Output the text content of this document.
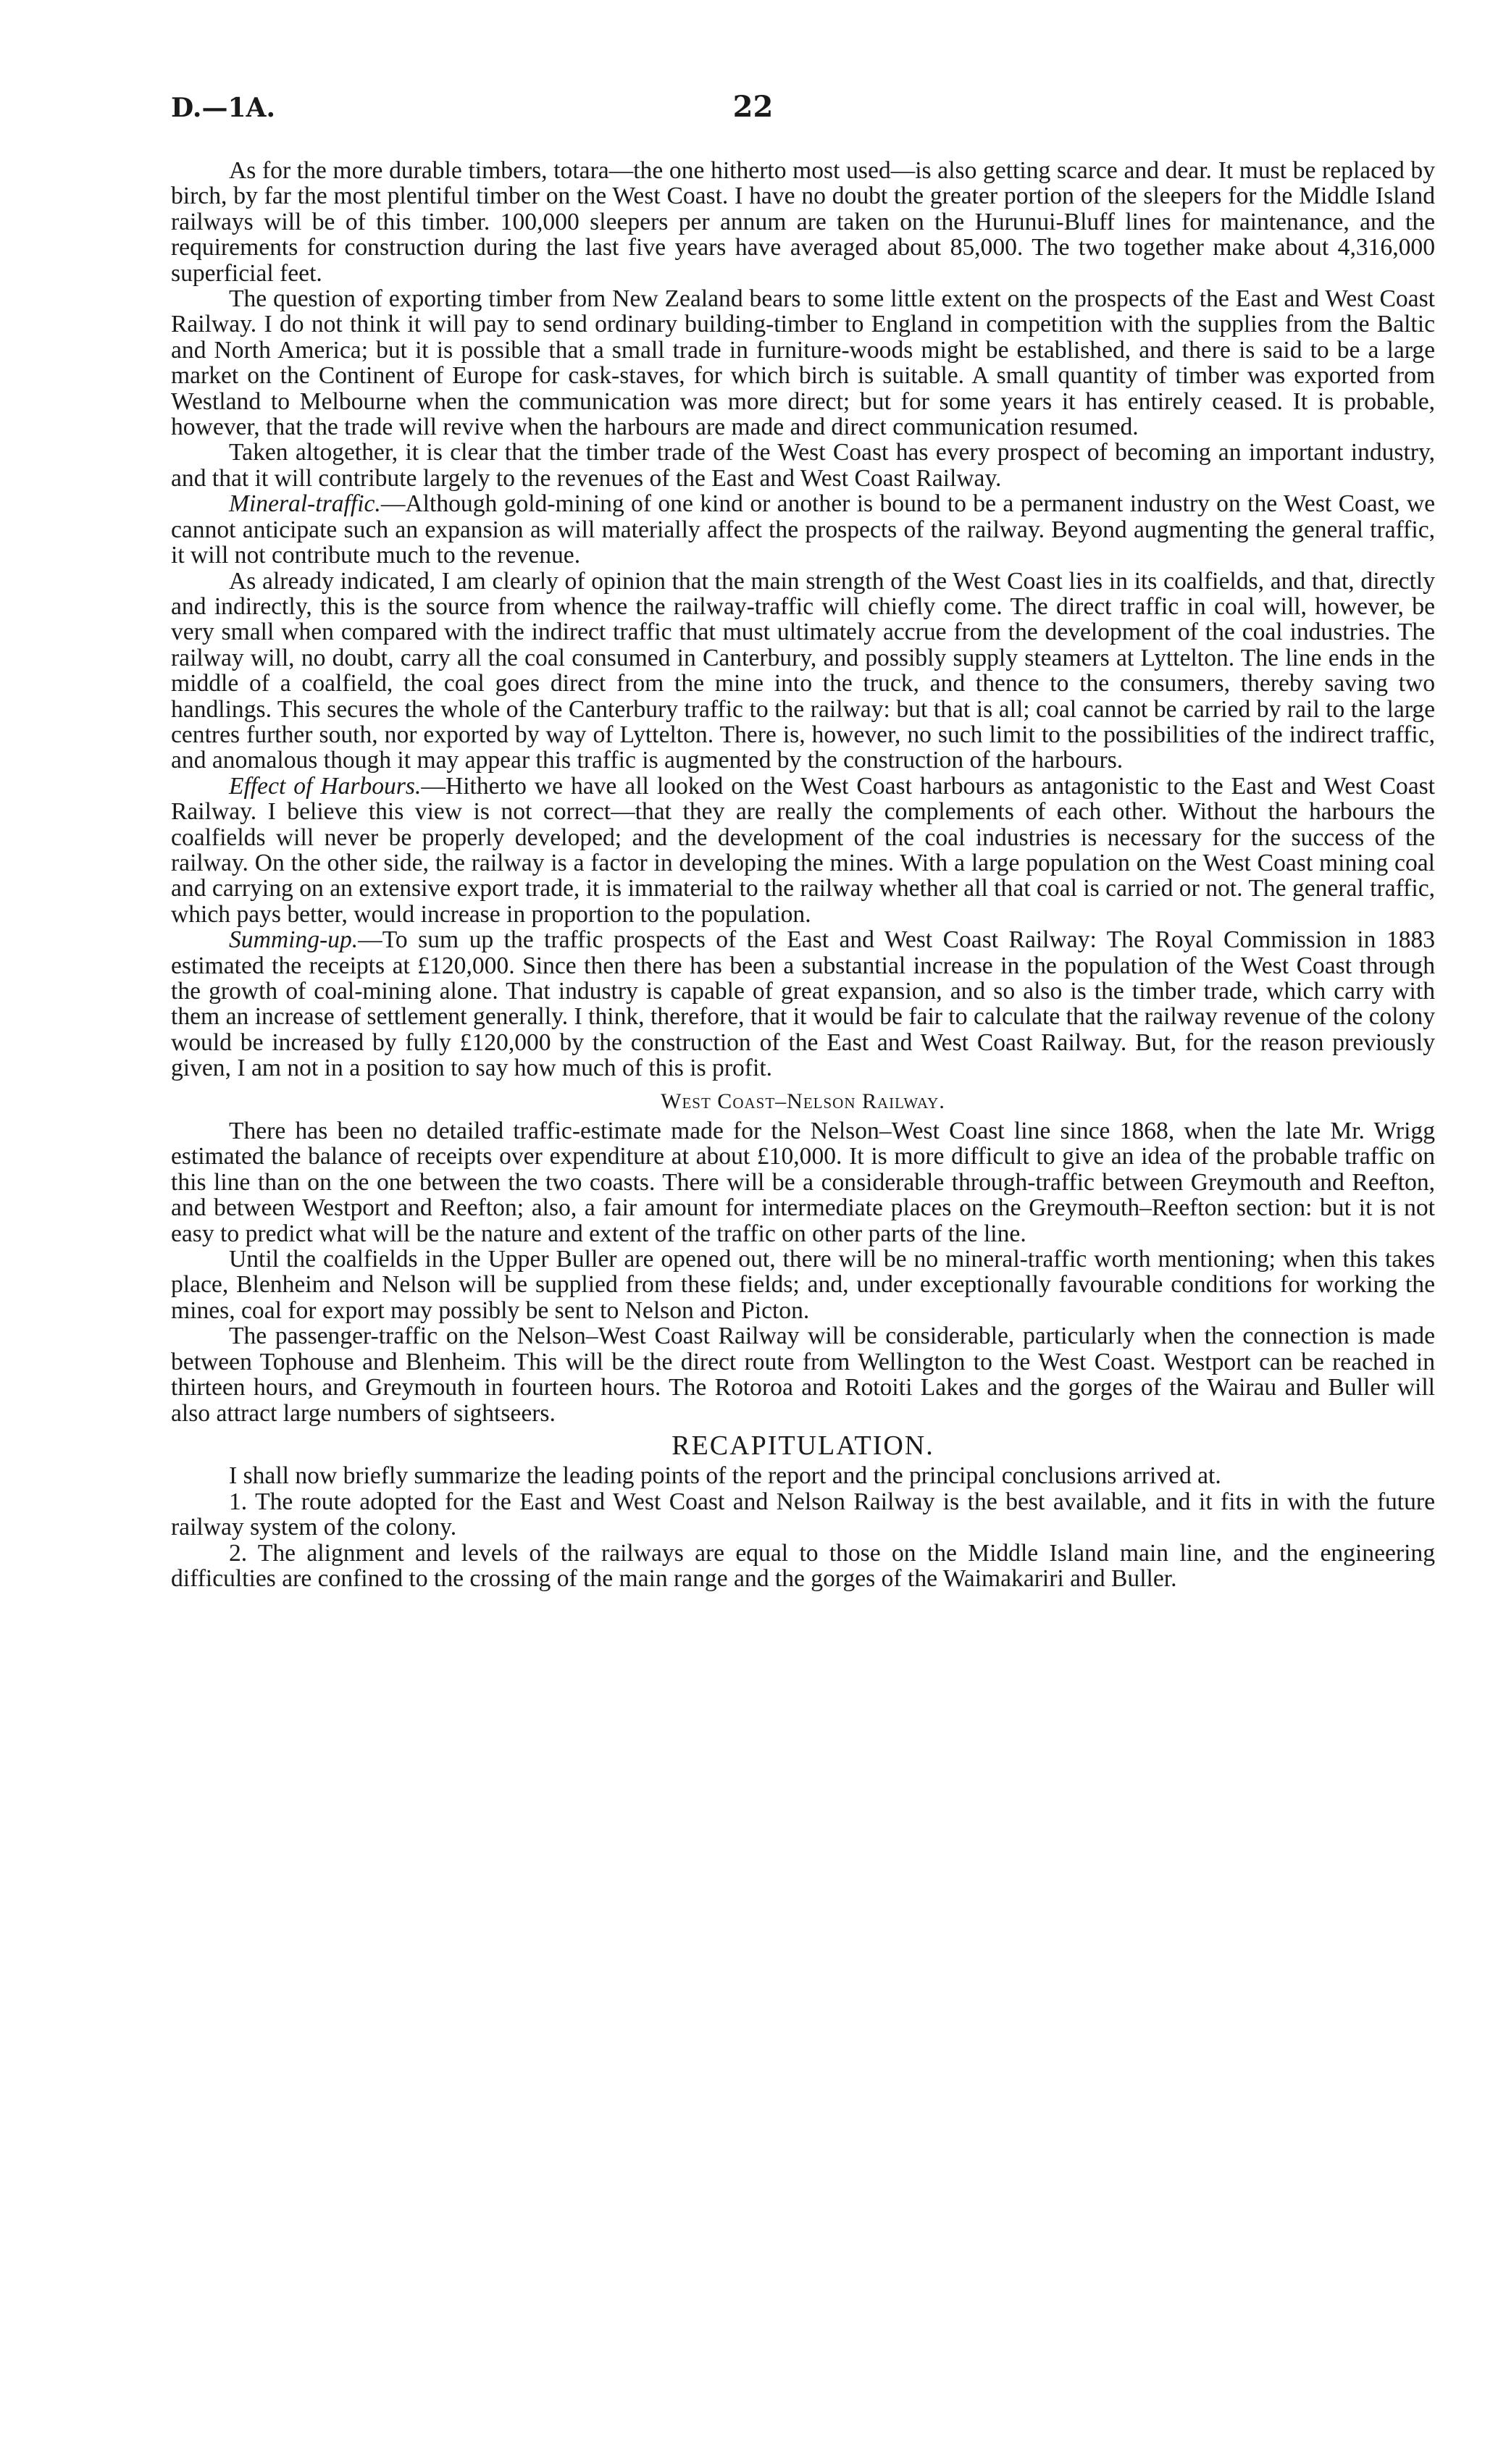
D.—1A.	22

As for the more durable timbers, totara—the one hitherto most used—is also getting scarce and dear. It must be replaced by birch, by far the most plentiful timber on the West Coast. I have no doubt the greater portion of the sleepers for the Middle Island railways will be of this timber. 100,000 sleepers per annum are taken on the Hurunui-Bluff lines for maintenance, and the requirements for construction during the last five years have averaged about 85,000. The two together make about 4,316,000 superficial feet.

The question of exporting timber from New Zealand bears to some little extent on the prospects of the East and West Coast Railway. I do not think it will pay to send ordinary building-timber to England in competition with the supplies from the Baltic and North America; but it is possible that a small trade in furniture-woods might be established, and there is said to be a large market on the Continent of Europe for cask-staves, for which birch is suitable. A small quantity of timber was exported from Westland to Melbourne when the communication was more direct; but for some years it has entirely ceased. It is probable, however, that the trade will revive when the harbours are made and direct communication resumed.

Taken altogether, it is clear that the timber trade of the West Coast has every prospect of becoming an important industry, and that it will contribute largely to the revenues of the East and West Coast Railway.

Mineral-traffic.—Although gold-mining of one kind or another is bound to be a permanent industry on the West Coast, we cannot anticipate such an expansion as will materially affect the prospects of the railway. Beyond augmenting the general traffic, it will not contribute much to the revenue.

As already indicated, I am clearly of opinion that the main strength of the West Coast lies in its coalfields, and that, directly and indirectly, this is the source from whence the railway-traffic will chiefly come. The direct traffic in coal will, however, be very small when compared with the indirect traffic that must ultimately accrue from the development of the coal industries. The railway will, no doubt, carry all the coal consumed in Canterbury, and possibly supply steamers at Lyttelton. The line ends in the middle of a coalfield, the coal goes direct from the mine into the truck, and thence to the consumers, thereby saving two handlings. This secures the whole of the Canterbury traffic to the railway: but that is all; coal cannot be carried by rail to the large centres further south, nor exported by way of Lyttelton. There is, however, no such limit to the possibilities of the indirect traffic, and anomalous though it may appear this traffic is augmented by the construction of the harbours.

Effect of Harbours.—Hitherto we have all looked on the West Coast harbours as antagonistic to the East and West Coast Railway. I believe this view is not correct—that they are really the complements of each other. Without the harbours the coalfields will never be properly developed; and the development of the coal industries is necessary for the success of the railway. On the other side, the railway is a factor in developing the mines. With a large population on the West Coast mining coal and carrying on an extensive export trade, it is immaterial to the railway whether all that coal is carried or not. The general traffic, which pays better, would increase in proportion to the population.

Summing-up.—To sum up the traffic prospects of the East and West Coast Railway: The Royal Commission in 1883 estimated the receipts at £120,000. Since then there has been a substantial increase in the population of the West Coast through the growth of coal-mining alone. That industry is capable of great expansion, and so also is the timber trade, which carry with them an increase of settlement generally. I think, therefore, that it would be fair to calculate that the railway revenue of the colony would be increased by fully £120,000 by the construction of the East and West Coast Railway. But, for the reason previously given, I am not in a position to say how much of this is profit.

West Coast–Nelson Railway.

There has been no detailed traffic-estimate made for the Nelson–West Coast line since 1868, when the late Mr. Wrigg estimated the balance of receipts over expenditure at about £10,000. It is more difficult to give an idea of the probable traffic on this line than on the one between the two coasts. There will be a considerable through-traffic between Greymouth and Reefton, and between Westport and Reefton; also, a fair amount for intermediate places on the Greymouth–Reefton section: but it is not easy to predict what will be the nature and extent of the traffic on other parts of the line.

Until the coalfields in the Upper Buller are opened out, there will be no mineral-traffic worth mentioning; when this takes place, Blenheim and Nelson will be supplied from these fields; and, under exceptionally favourable conditions for working the mines, coal for export may possibly be sent to Nelson and Picton.

The passenger-traffic on the Nelson–West Coast Railway will be considerable, particularly when the connection is made between Tophouse and Blenheim. This will be the direct route from Wellington to the West Coast. Westport can be reached in thirteen hours, and Greymouth in fourteen hours. The Rotoroa and Rotoiti Lakes and the gorges of the Wairau and Buller will also attract large numbers of sightseers.

RECAPITULATION.

I shall now briefly summarize the leading points of the report and the principal conclusions arrived at.

1. The route adopted for the East and West Coast and Nelson Railway is the best available, and it fits in with the future railway system of the colony.

2. The alignment and levels of the railways are equal to those on the Middle Island main line, and the engineering difficulties are confined to the crossing of the main range and the gorges of the Waimakariri and Buller.
